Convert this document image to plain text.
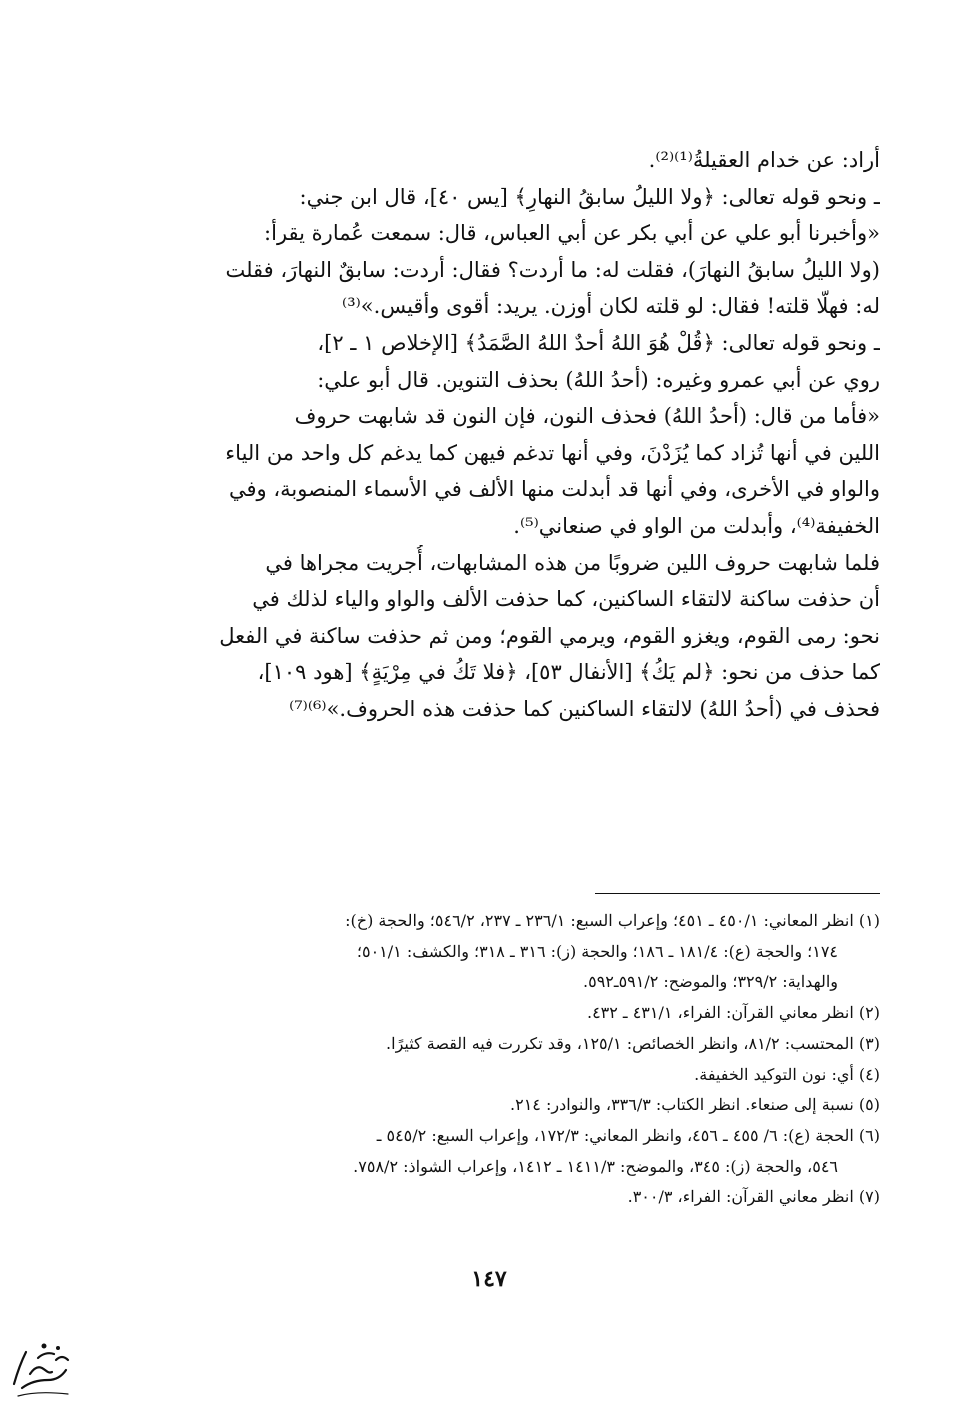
أراد: عن خدام العقيلةُ⁽¹⁾⁽²⁾.
ـ ونحو قوله تعالى: ﴿ولا الليلُ سابقُ النهارِ﴾ [يس ٤٠]، قال ابن جني:
«وأخبرنا أبو علي عن أبي بكر عن أبي العباس، قال: سمعت عُمارة يقرأ:
(ولا الليلُ سابقُ النهارَ)، فقلت له: ما أردت؟ فقال: أردت: سابقٌ النهارَ، فقلت
له: فهلّا قلته! فقال: لو قلته لكان أوزن. يريد: أقوى وأقيس.»⁽³⁾
ـ ونحو قوله تعالى: ﴿قُلْ هُوَ اللهُ أحدٌ اللهُ الصَّمَدُ﴾ [الإخلاص ١ ـ ٢]،
روي عن أبي عمرو وغيره: (أحدُ اللهُ) بحذف التنوين. قال أبو علي:
«فأما من قال: (أحدُ اللهُ) فحذف النون، فإن النون قد شابهت حروف
اللين في أنها تُزاد كما يُزَدْنَ، وفي أنها تدغم فيهن كما يدغم كل واحد من الياء
والواو في الأخرى، وفي أنها قد أبدلت منها الألف في الأسماء المنصوبة، وفي
الخفيفة⁽⁴⁾، وأبدلت من الواو في صنعاني⁽⁵⁾.
فلما شابهت حروف اللين ضروبًا من هذه المشابهات، أُجريت مجراها في
أن حذفت ساكنة لالتقاء الساكنين، كما حذفت الألف والواو والياء لذلك في
نحو: رمى القوم، ويغزو القوم، ويرمي القوم؛ ومن ثم حذفت ساكنة في الفعل
كما حذف من نحو: ﴿لم يَكُ﴾ [الأنفال ٥٣]، ﴿فلا تَكُ في مِرْيَةٍ﴾ [هود ١٠٩]،
فحذف في (أحدُ اللهُ) لالتقاء الساكنين كما حذفت هذه الحروف.»⁽⁶⁾⁽⁷⁾
(١) انظر المعاني: ٤٥٠/١ ـ ٤٥١؛ وإعراب السبع: ٢٣٦/١ ـ ٢٣٧، ٥٤٦/٢؛ والحجة (خ):
١٧٤؛ والحجة (ع): ١٨١/٤ ـ ١٨٦؛ والحجة (ز): ٣١٦ ـ ٣١٨؛ والكشف: ٥٠١/١؛
والهداية: ٣٢٩/٢؛ والموضح: ٥٩١/٢ـ٥٩٢.
(٢) انظر معاني القرآن: الفراء، ٤٣١/١ ـ ٤٣٢.
(٣) المحتسب: ٨١/٢، وانظر الخصائص: ١٢٥/١، وقد تكررت فيه القصة كثيرًا.
(٤) أي: نون التوكيد الخفيفة.
(٥) نسبة إلى صنعاء. انظر الكتاب: ٣٣٦/٣، والنوادر: ٢١٤.
(٦) الحجة (ع): ٦/ ٤٥٥ ـ ٤٥٦، وانظر المعاني: ١٧٢/٣، وإعراب السبع: ٥٤٥/٢ ـ
٥٤٦، والحجة (ز): ٣٤٥، والموضح: ١٤١١/٣ ـ ١٤١٢، وإعراب الشواذ: ٧٥٨/٢.
(٧) انظر معاني القرآن: الفراء، ٣٠٠/٣.
١٤٧
